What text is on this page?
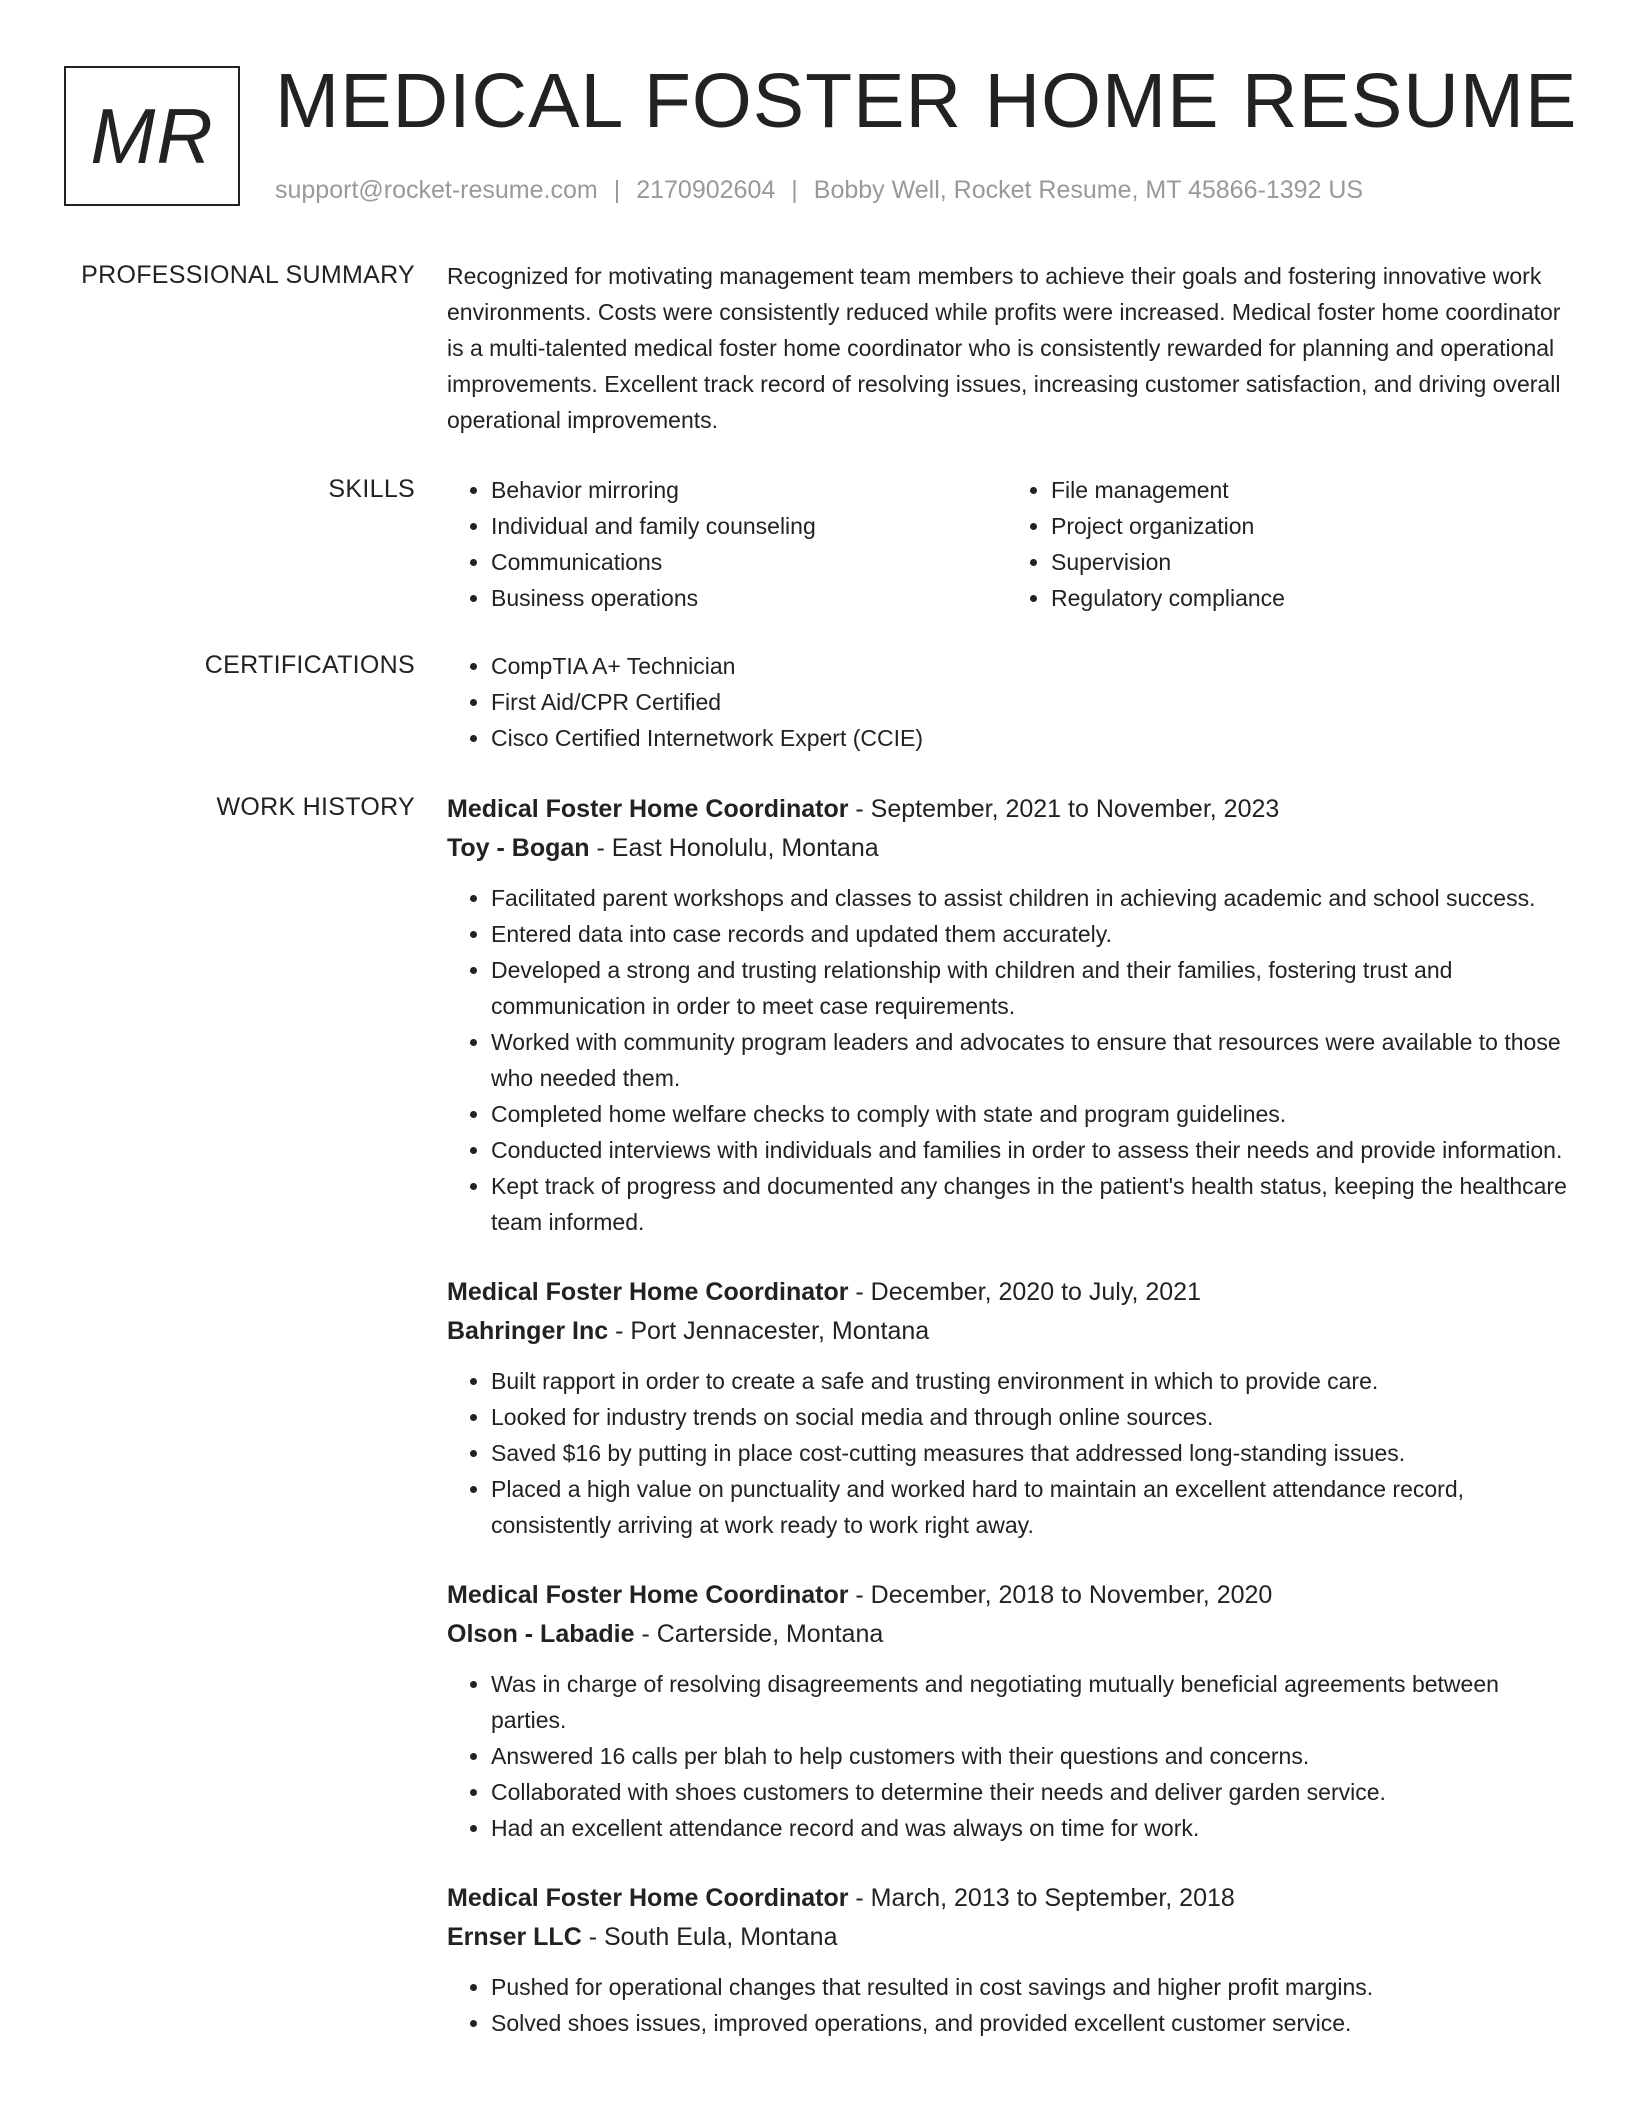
MR MEDICAL FOSTER HOME RESUME
support@rocket-resume.com | 2170902604 | Bobby Well, Rocket Resume, MT 45866-1392 US
PROFESSIONAL SUMMARY Recognized for motivating management team members to achieve their goals and fostering innovative work environments. Costs were consistently reduced while profits were increased. Medical foster home coordinator is a multi-talented medical foster home coordinator who is consistently rewarded for planning and operational improvements. Excellent track record of resolving issues, increasing customer satisfaction, and driving overall operational improvements.

SKILLS	• Behavior mirroring
• Individual and family counseling
• Communications
• Business operations
• File management
• Project organization
• Supervision
• Regulatory compliance
CERTIFICATIONS	• CompTIA A+ Technician
• First Aid/CPR Certified
• Cisco Certified Internetwork Expert (CCIE)
WORK HISTORY Medical Foster Home Coordinator - September, 2021 to November, 2023
Toy - Bogan - East Honolulu, Montana
• Facilitated parent workshops and classes to assist children in achieving academic and school success.
• Entered data into case records and updated them accurately.
• Developed a strong and trusting relationship with children and their families, fostering trust and communication in order to meet case requirements.
• Worked with community program leaders and advocates to ensure that resources were available to those who needed them.
• Completed home welfare checks to comply with state and program guidelines.
• Conducted interviews with individuals and families in order to assess their needs and provide information.
• Kept track of progress and documented any changes in the patient's health status, keeping the healthcare team informed.
Medical Foster Home Coordinator - December, 2020 to July, 2021
Bahringer Inc - Port Jennacester, Montana
• Built rapport in order to create a safe and trusting environment in which to provide care.
• Looked for industry trends on social media and through online sources.
• Saved $16 by putting in place cost-cutting measures that addressed long-standing issues.
• Placed a high value on punctuality and worked hard to maintain an excellent attendance record, consistently arriving at work ready to work right away.
Medical Foster Home Coordinator - December, 2018 to November, 2020
Olson - Labadie - Carterside, Montana
• Was in charge of resolving disagreements and negotiating mutually beneficial agreements between parties.
• Answered 16 calls per blah to help customers with their questions and concerns.
• Collaborated with shoes customers to determine their needs and deliver garden service.
• Had an excellent attendance record and was always on time for work.
Medical Foster Home Coordinator - March, 2013 to September, 2018
Ernser LLC - South Eula, Montana
• Pushed for operational changes that resulted in cost savings and higher profit margins.
• Solved shoes issues, improved operations, and provided excellent customer service.
